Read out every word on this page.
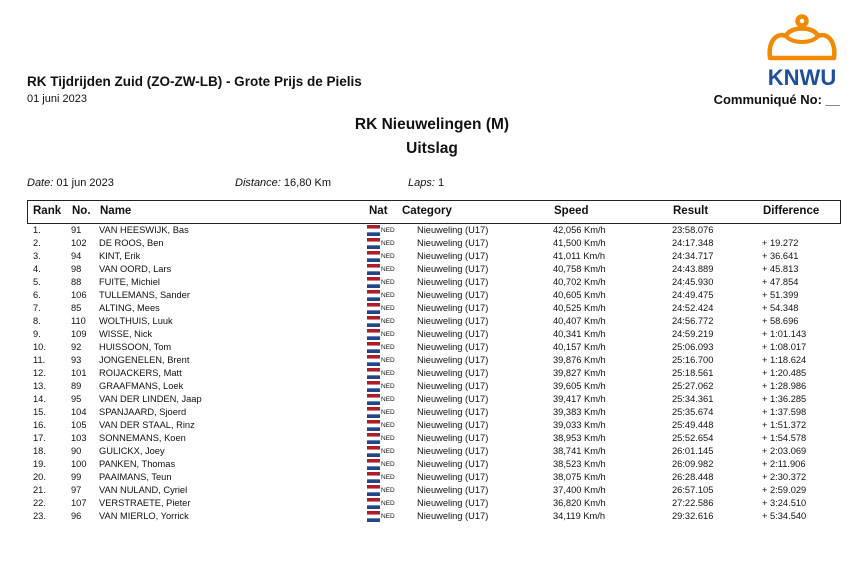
RK Tijdrijden Zuid (ZO-ZW-LB) - Grote Prijs de Pielis
01 juni 2023
KNWU
Communiqué No: __
RK Nieuwelingen (M)
Uitslag
Date: 01 jun 2023	Distance: 16,80 Km	Laps: 1
Rank No. Name	Nat Category	Speed	Result	Difference
1.	91 VAN HEESWIJK, Bas	NED Nieuweling (U17)	42,056 Km/h	23:58.076
2.	102 DE ROOS, Ben	NED Nieuweling (U17)	41,500 Km/h	24:17.348	+ 19.272
3.	94 KINT, Erik	NED Nieuweling (U17)	41,011 Km/h	24:34.717	+ 36.641
4.	98 VAN OORD, Lars	NED Nieuweling (U17)	40,758 Km/h	24:43.889	+ 45.813
5.	88 FUITE, Michiel	NED Nieuweling (U17)	40,702 Km/h	24:45.930	+ 47.854
6.	106 TULLEMANS, Sander	NED Nieuweling (U17)	40,605 Km/h	24:49.475	+ 51.399
7.	85 ALTING, Mees	NED Nieuweling (U17)	40,525 Km/h	24:52.424	+ 54.348
8.	110 WOLTHUIS, Luuk	NED Nieuweling (U17)	40,407 Km/h	24:56.772	+ 58.696
9.	109 WISSE, Nick	NED Nieuweling (U17)	40,341 Km/h	24:59.219	+ 1:01.143
10.	92 HUISSOON, Tom	NED Nieuweling (U17)	40,157 Km/h	25:06.093	+ 1:08.017
11.	93 JONGENELEN, Brent	NED Nieuweling (U17)	39,876 Km/h	25:16.700	+ 1:18.624
12.	101 ROIJACKERS, Matt	NED Nieuweling (U17)	39,827 Km/h	25:18.561	+ 1:20.485
13.	89 GRAAFMANS, Loek	NED Nieuweling (U17)	39,605 Km/h	25:27.062	+ 1:28.986
14.	95 VAN DER LINDEN, Jaap	NED Nieuweling (U17)	39,417 Km/h	25:34.361	+ 1:36.285
15.	104 SPANJAARD, Sjoerd	NED Nieuweling (U17)	39,383 Km/h	25:35.674	+ 1:37.598
16.	105 VAN DER STAAL, Rinz	NED Nieuweling (U17)	39,033 Km/h	25:49.448	+ 1:51.372
17.	103 SONNEMANS, Koen	NED Nieuweling (U17)	38,953 Km/h	25:52.654	+ 1:54.578
18.	90 GULICKX, Joey	NED Nieuweling (U17)	38,741 Km/h	26:01.145	+ 2:03.069
19.	100 PANKEN, Thomas	NED Nieuweling (U17)	38,523 Km/h	26:09.982	+ 2:11.906
20.	99 PAAIMANS, Teun	NED Nieuweling (U17)	38,075 Km/h	26:28.448	+ 2:30.372
21.	97 VAN NULAND, Cyriel	NED Nieuweling (U17)	37,400 Km/h	26:57.105	+ 2:59.029
22.	107 VERSTRAETE, Pieter	NED Nieuweling (U17)	36,820 Km/h	27:22.586	+ 3:24.510
23.	96 VAN MIERLO, Yorrick	NED Nieuweling (U17)	34,119 Km/h	29:32.616	+ 5:34.540
